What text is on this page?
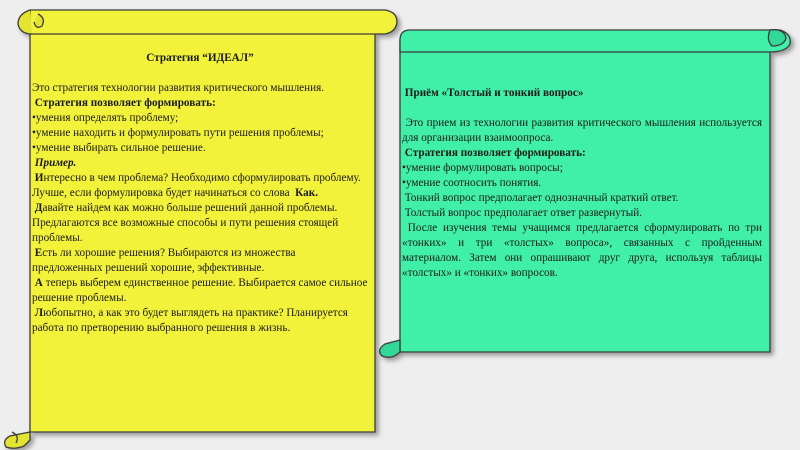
Стратегия “ИДЕАЛ”

Это стратегия технологии развития критического мышления.

Стратегия позволяет формировать:

•умения определять проблему;

•умение находить и формулировать пути решения проблемы;

•умение выбирать сильное решение.

Пример.

Интересно в чем проблема? Необходимо сформулировать проблему. Лучше, если формулировка будет начинаться со слова Как.

Давайте найдем как можно больше решений данной проблемы. Предлагаются все возможные способы и пути решения стоящей проблемы.

Есть ли хорошие решения? Выбираются из множества предложенных решений хорошие, эффективные.

А теперь выберем единственное решение. Выбирается самое сильное решение проблемы.

Любопытно, а как это будет выглядеть на практике? Планируется работа по претворению выбранного решения в жизнь.

Приём «Толстый и тонкий вопрос»

Это прием из технологии развития критического мышления используется для организации взаимоопроса.

Стратегия позволяет формировать:

•умение формулировать вопросы;

•умение соотносить понятия.

Тонкий вопрос предполагает однозначный краткий ответ.

Толстый вопрос предполагает ответ развернутый.

После изучения темы учащимся предлагается сформулировать по три «тонких» и три «толстых» вопроса», связанных с пройденным материалом. Затем они опрашивают друг друга, используя таблицы «толстых» и «тонких» вопросов.
